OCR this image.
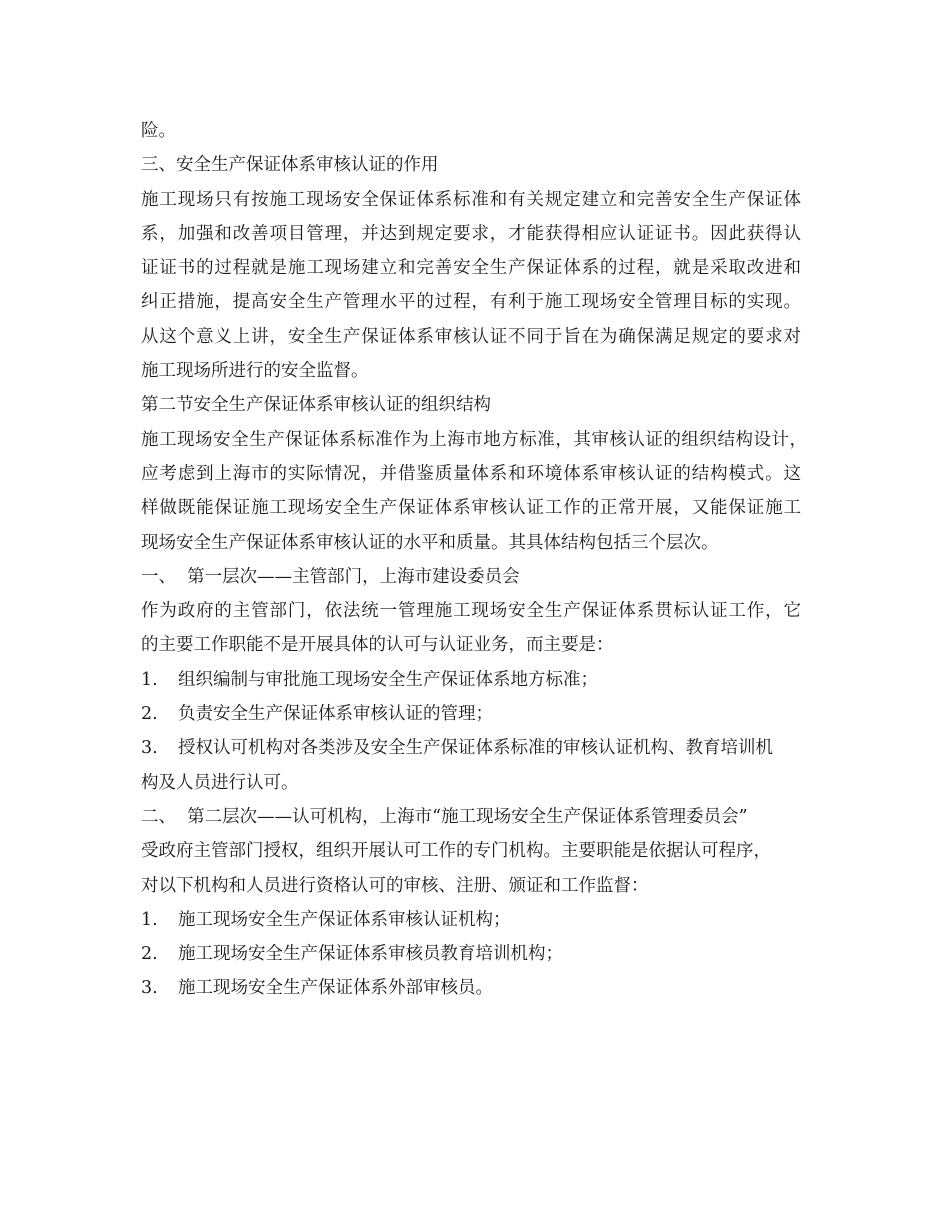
险。
三、安全生产保证体系审核认证的作用
施工现场只有按施工现场安全保证体系标准和有关规定建立和完善安全生产保证体
系，加强和改善项目管理，并达到规定要求，才能获得相应认证证书。因此获得认
证证书的过程就是施工现场建立和完善安全生产保证体系的过程，就是采取改进和
纠正措施，提高安全生产管理水平的过程，有利于施工现场安全管理目标的实现。
从这个意义上讲，安全生产保证体系审核认证不同于旨在为确保满足规定的要求对
施工现场所进行的安全监督。
第二节安全生产保证体系审核认证的组织结构
施工现场安全生产保证体系标准作为上海市地方标准，其审核认证的组织结构设计，
应考虑到上海市的实际情况，并借鉴质量体系和环境体系审核认证的结构模式。这
样做既能保证施工现场安全生产保证体系审核认证工作的正常开展，又能保证施工
现场安全生产保证体系审核认证的水平和质量。其具体结构包括三个层次。
一、  第一层次——主管部门，上海市建设委员会
作为政府的主管部门，依法统一管理施工现场安全生产保证体系贯标认证工作，它
的主要工作职能不是开展具体的认可与认证业务，而主要是：
1. 组织编制与审批施工现场安全生产保证体系地方标准；
2. 负责安全生产保证体系审核认证的管理；
3. 授权认可机构对各类涉及安全生产保证体系标准的审核认证机构、教育培训机
构及人员进行认可。
二、  第二层次——认可机构，上海市“施工现场安全生产保证体系管理委员会”
受政府主管部门授权，组织开展认可工作的专门机构。主要职能是依据认可程序，
对以下机构和人员进行资格认可的审核、注册、颁证和工作监督：
1. 施工现场安全生产保证体系审核认证机构；
2. 施工现场安全生产保证体系审核员教育培训机构；
3. 施工现场安全生产保证体系外部审核员。
